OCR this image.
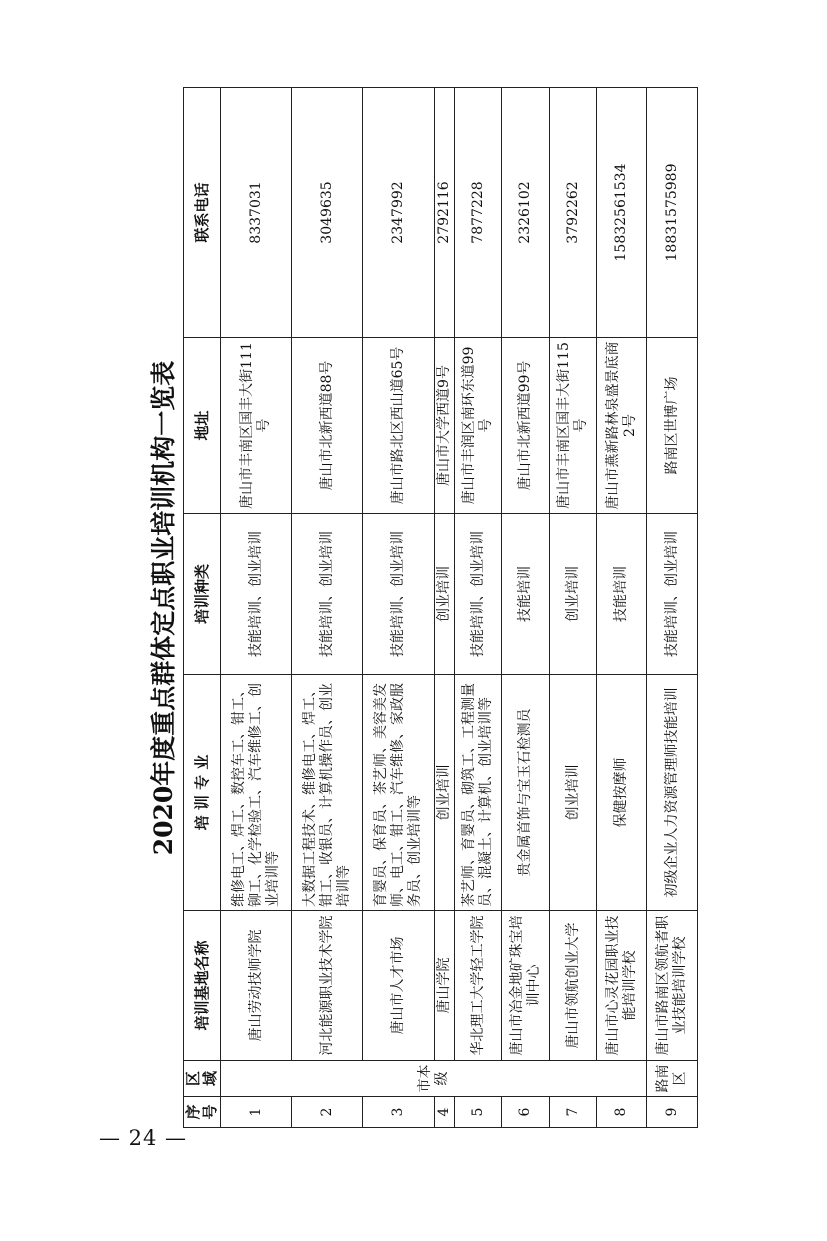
— 24 —
2020年度重点群体定点职业培训机构一览表
序号	区域	培训基地名称	培 训 专 业	培训种类	地址	联系电话
1	市本级	唐山劳动技师学院	维修电工、焊工、数控车工、钳工、铆工、化学检验工、汽车维修工、创业培训等	技能培训、创业培训	唐山市丰南区国丰大街111号	8337031
2		河北能源职业技术学院	大数据工程技术、维修电工、焊工、钳工、收银员、计算机操作员、创业培训等	技能培训、创业培训	唐山市北新西道88号	3049635
3		唐山市人才市场	育婴员、保育员、茶艺师、美容美发师、电工、钳工、汽车维修、家政服务员、创业培训等	技能培训、创业培训	唐山市路北区西山道65号	2347992
4		唐山学院	创业培训	创业培训	唐山市大学西道9号	2792116
5		华北理工大学轻工学院	茶艺师、育婴员、砌筑工、工程测量员、混凝土、计算机、创业培训等	技能培训、创业培训	唐山市丰润区南环东道99号	7877228
6		唐山市冶金地矿珠宝培训中心	贵金属首饰与宝玉石检测员	技能培训	唐山市北新西道99号	2326102
7		唐山市领航创业大学	创业培训	创业培训	唐山市丰南区国丰大街115号	3792262
8		唐山市心灵花园职业技能培训学校	保健按摩师	技能培训	唐山市燕新路林泉盛景底商2号	15832561534
9	路南区	唐山市路南区领航者职业技能培训学校	初级企业人力资源管理师技能培训	技能培训、创业培训	路南区世博广场	18831575989
